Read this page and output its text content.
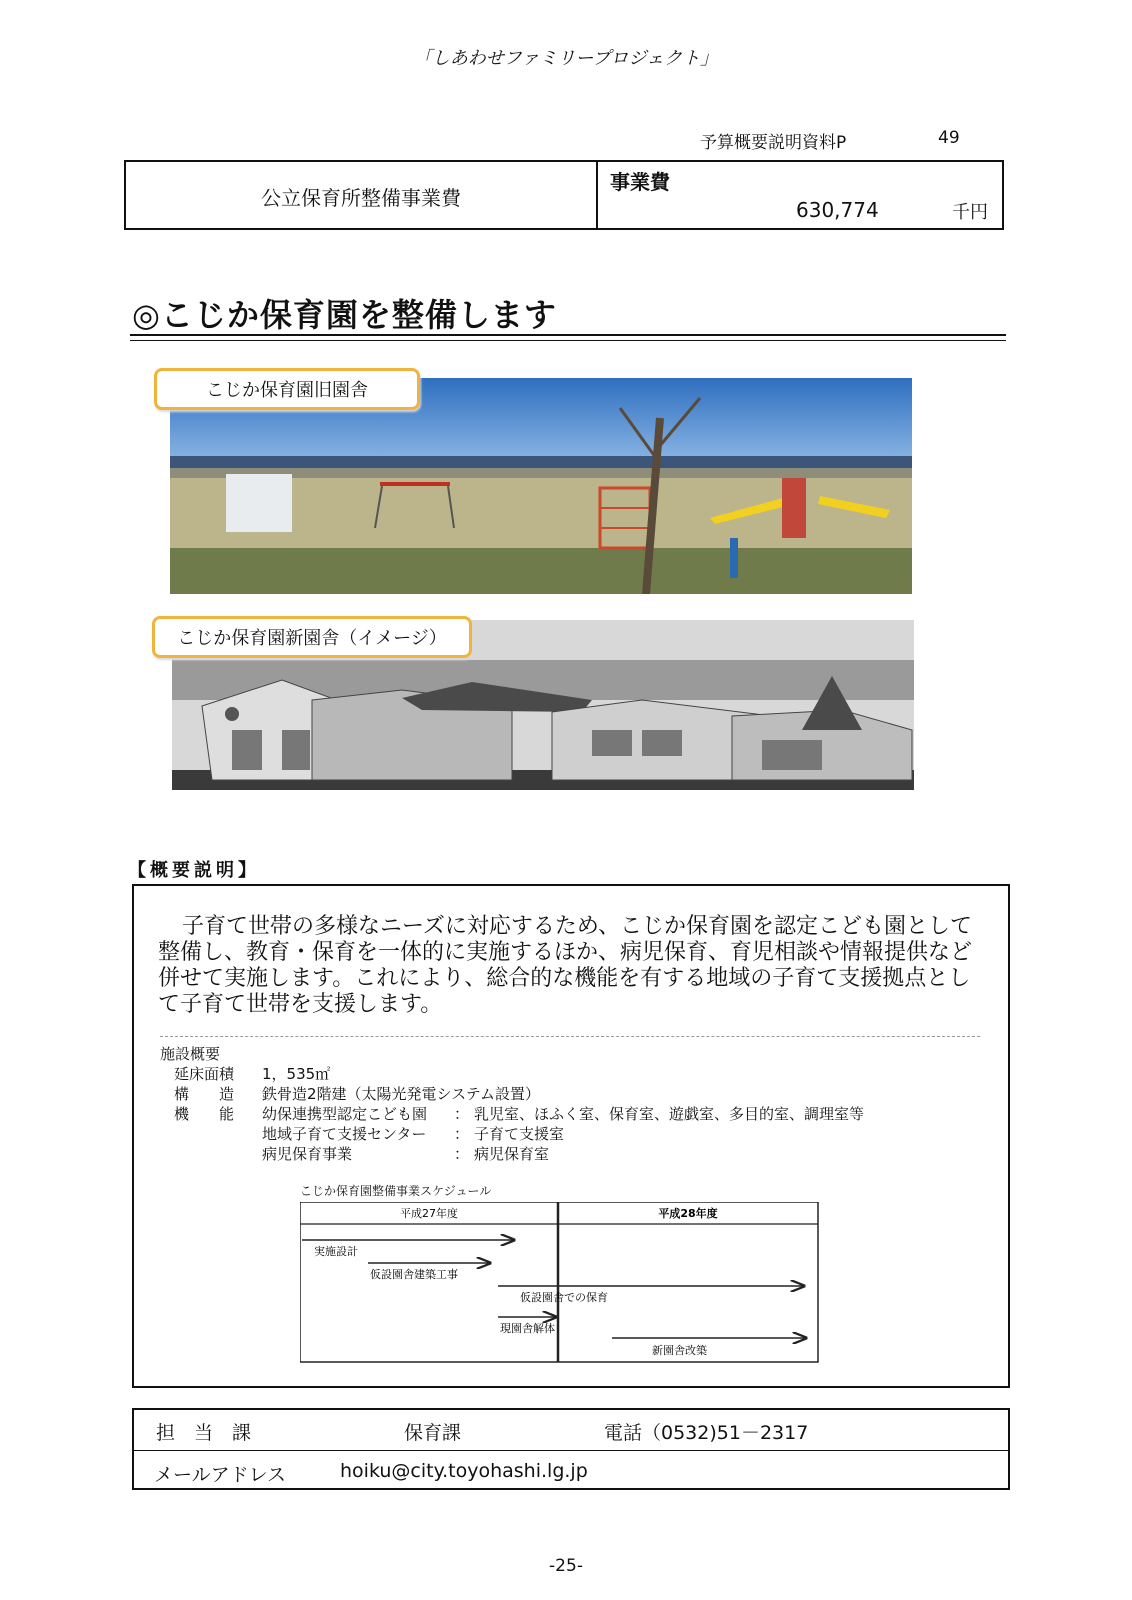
「しあわせファミリープロジェクト」
予算概要説明資料P	49
公立保育所整備事業費
事業費
630,774	千円
◎こじか保育園を整備します
こじか保育園旧園舎
こじか保育園新園舎（イメージ）
【概要説明】
子育て世帯の多様なニーズに対応するため、こじか保育園を認定こども園として整備し、教育・保育を一体的に実施するほか、病児保育、育児相談や情報提供など併せて実施します。これにより、総合的な機能を有する地域の子育て支援拠点として子育て世帯を支援します。
施設概要
延床面積 1，535㎡
構　　造 鉄骨造2階建（太陽光発電システム設置）
機　　能 幼保連携型認定こども園 ： 乳児室、ほふく室、保育室、遊戯室、多目的室、調理室等
地域子育て支援センター ： 子育て支援室
病児保育事業	： 病児保育室
こじか保育園整備事業スケジュール
平成27年度	平成28年度
実施設計
仮設園舎建築工事
仮設園舎での保育
現園舎解体
新園舎改築
担　当　課	保育課	電話（0532)51－2317
メールアドレス	hoiku@city.toyohashi.lg.jp
-25-
